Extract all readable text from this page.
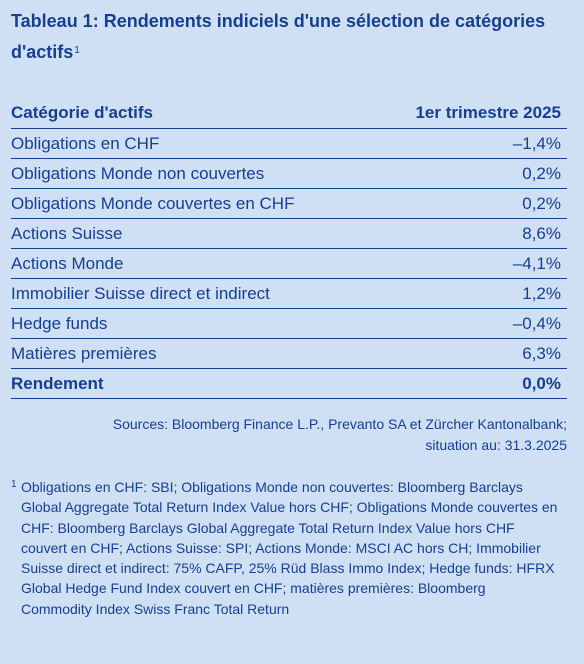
Tableau 1: Rendements indiciels d'une sélection de catégories d'actifs$^1$
Catégorie d'actifs	1er trimestre 2025
Obligations en CHF	–1,4%
Obligations Monde non couvertes	0,2%
Obligations Monde couvertes en CHF	0,2%
Actions Suisse	8,6%
Actions Monde	–4,1%
Immobilier Suisse direct et indirect	1,2%
Hedge funds	–0,4%
Matières premières	6,3%
Rendement	0,0%
Sources: Bloomberg Finance L.P., Prevanto SA et Zürcher Kantonalbank;
situation au: 31.3.2025
1 Obligations en CHF: SBI; Obligations Monde non couvertes: Bloomberg Barclays Global Aggregate Total Return Index Value hors CHF; Obligations Monde couvertes en CHF: Bloomberg Barclays Global Aggregate Total Return Index Value hors CHF couvert en CHF; Actions Suisse: SPI; Actions Monde: MSCI AC hors CH; Immobilier Suisse direct et indirect: 75% CAFP, 25% Rüd Blass Immo Index; Hedge funds: HFRX Global Hedge Fund Index couvert en CHF; matières premières: Bloomberg Commodity Index Swiss Franc Total Return
